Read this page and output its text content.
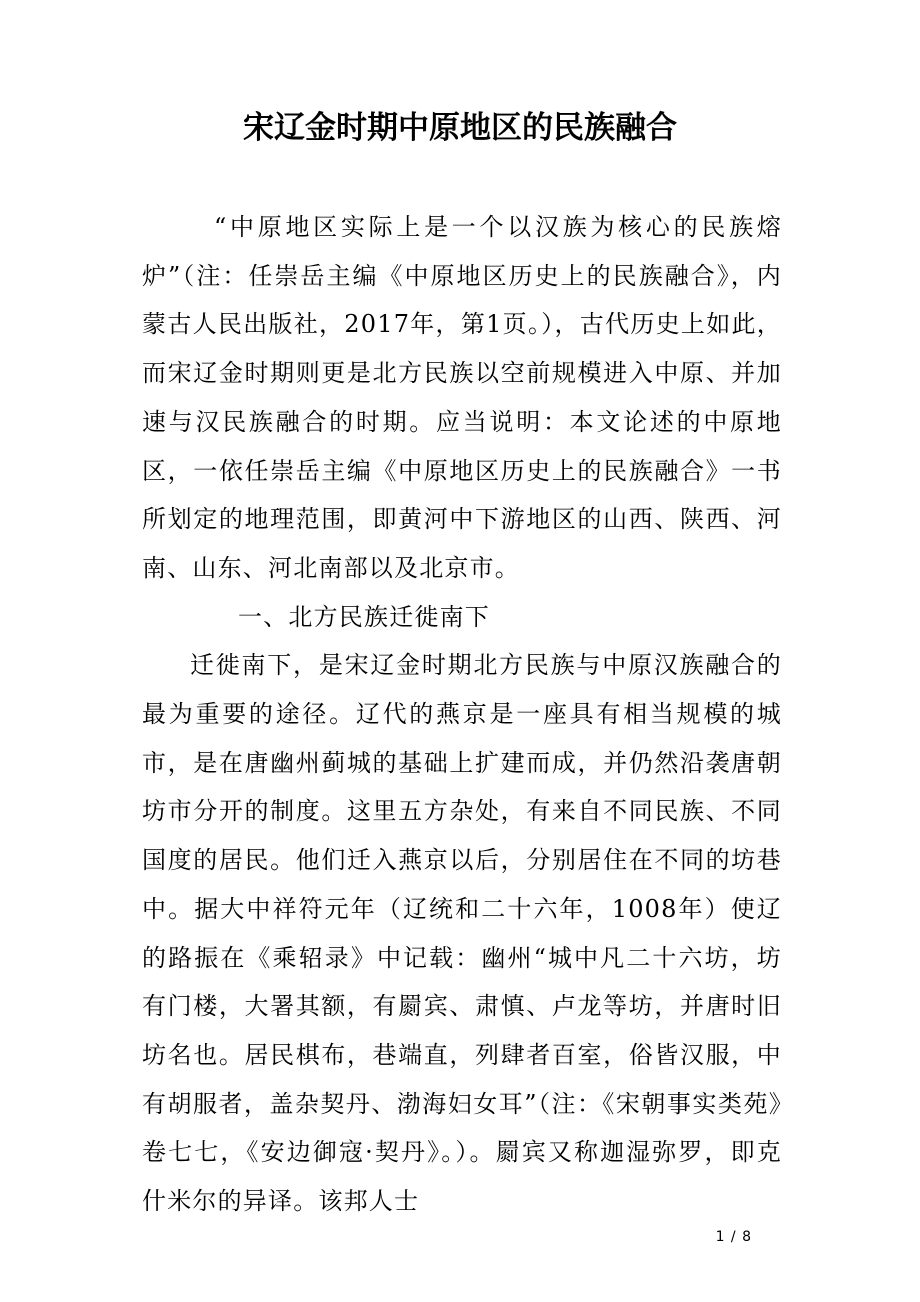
宋辽金时期中原地区的民族融合

“中原地区实际上是一个以汉族为核心的民族熔炉”（注：任崇岳主编《中原地区历史上的民族融合》，内蒙古人民出版社，2017年，第1页。），古代历史上如此，而宋辽金时期则更是北方民族以空前规模进入中原、并加速与汉民族融合的时期。应当说明：本文论述的中原地区，一依任崇岳主编《中原地区历史上的民族融合》一书所划定的地理范围，即黄河中下游地区的山西、陕西、河南、山东、河北南部以及北京市。

一、北方民族迁徙南下

迁徙南下，是宋辽金时期北方民族与中原汉族融合的最为重要的途径。辽代的燕京是一座具有相当规模的城市，是在唐幽州蓟城的基础上扩建而成，并仍然沿袭唐朝坊市分开的制度。这里五方杂处，有来自不同民族、不同国度的居民。他们迁入燕京以后，分别居住在不同的坊巷中。据大中祥符元年（辽统和二十六年，1008年）使辽的路振在《乘轺录》中记载：幽州“城中凡二十六坊，坊有门楼，大署其额，有罽宾、肃慎、卢龙等坊，并唐时旧坊名也。居民棋布，巷端直，列肆者百室，俗皆汉服，中有胡服者，盖杂契丹、渤海妇女耳”（注：《宋朝事实类苑》卷七七，《安边御寇·契丹》。）。罽宾又称迦湿弥罗，即克什米尔的异译。该邦人士

1 / 8
